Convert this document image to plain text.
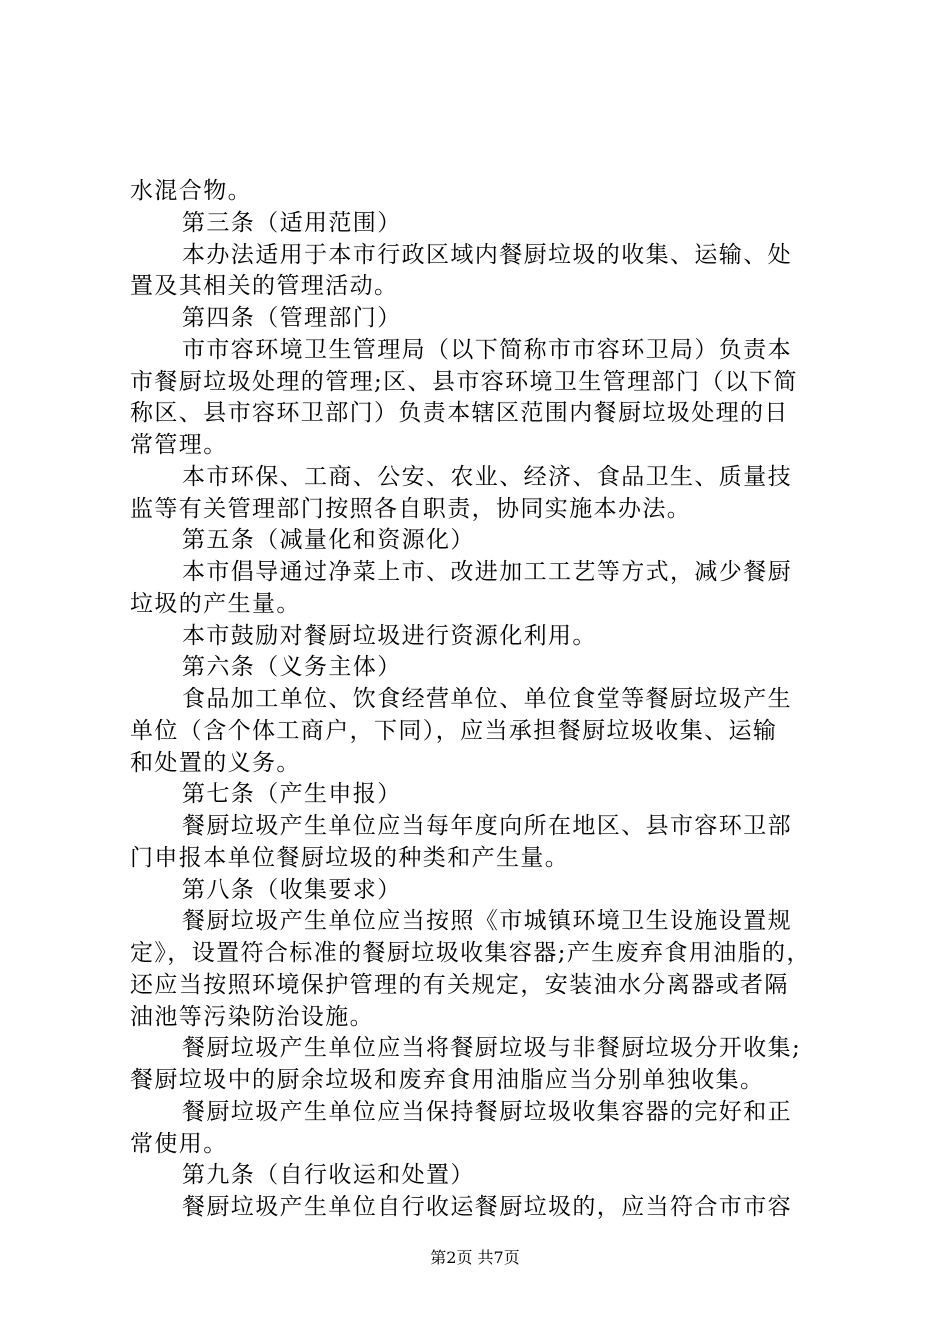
水混合物。
第三条（适用范围）
本办法适用于本市行政区域内餐厨垃圾的收集、运输、处
置及其相关的管理活动。
第四条（管理部门）
市市容环境卫生管理局（以下简称市市容环卫局）负责本
市餐厨垃圾处理的管理;区、县市容环境卫生管理部门（以下简
称区、县市容环卫部门）负责本辖区范围内餐厨垃圾处理的日
常管理。
本市环保、工商、公安、农业、经济、食品卫生、质量技
监等有关管理部门按照各自职责，协同实施本办法。
第五条（减量化和资源化）
本市倡导通过净菜上市、改进加工工艺等方式，减少餐厨
垃圾的产生量。
本市鼓励对餐厨垃圾进行资源化利用。
第六条（义务主体）
食品加工单位、饮食经营单位、单位食堂等餐厨垃圾产生
单位（含个体工商户，下同），应当承担餐厨垃圾收集、运输
和处置的义务。
第七条（产生申报）
餐厨垃圾产生单位应当每年度向所在地区、县市容环卫部
门申报本单位餐厨垃圾的种类和产生量。
第八条（收集要求）
餐厨垃圾产生单位应当按照《市城镇环境卫生设施设置规
定》，设置符合标准的餐厨垃圾收集容器;产生废弃食用油脂的，
还应当按照环境保护管理的有关规定，安装油水分离器或者隔
油池等污染防治设施。
餐厨垃圾产生单位应当将餐厨垃圾与非餐厨垃圾分开收集;
餐厨垃圾中的厨余垃圾和废弃食用油脂应当分别单独收集。
餐厨垃圾产生单位应当保持餐厨垃圾收集容器的完好和正
常使用。
第九条（自行收运和处置）
餐厨垃圾产生单位自行收运餐厨垃圾的，应当符合市市容
第2页 共7页
